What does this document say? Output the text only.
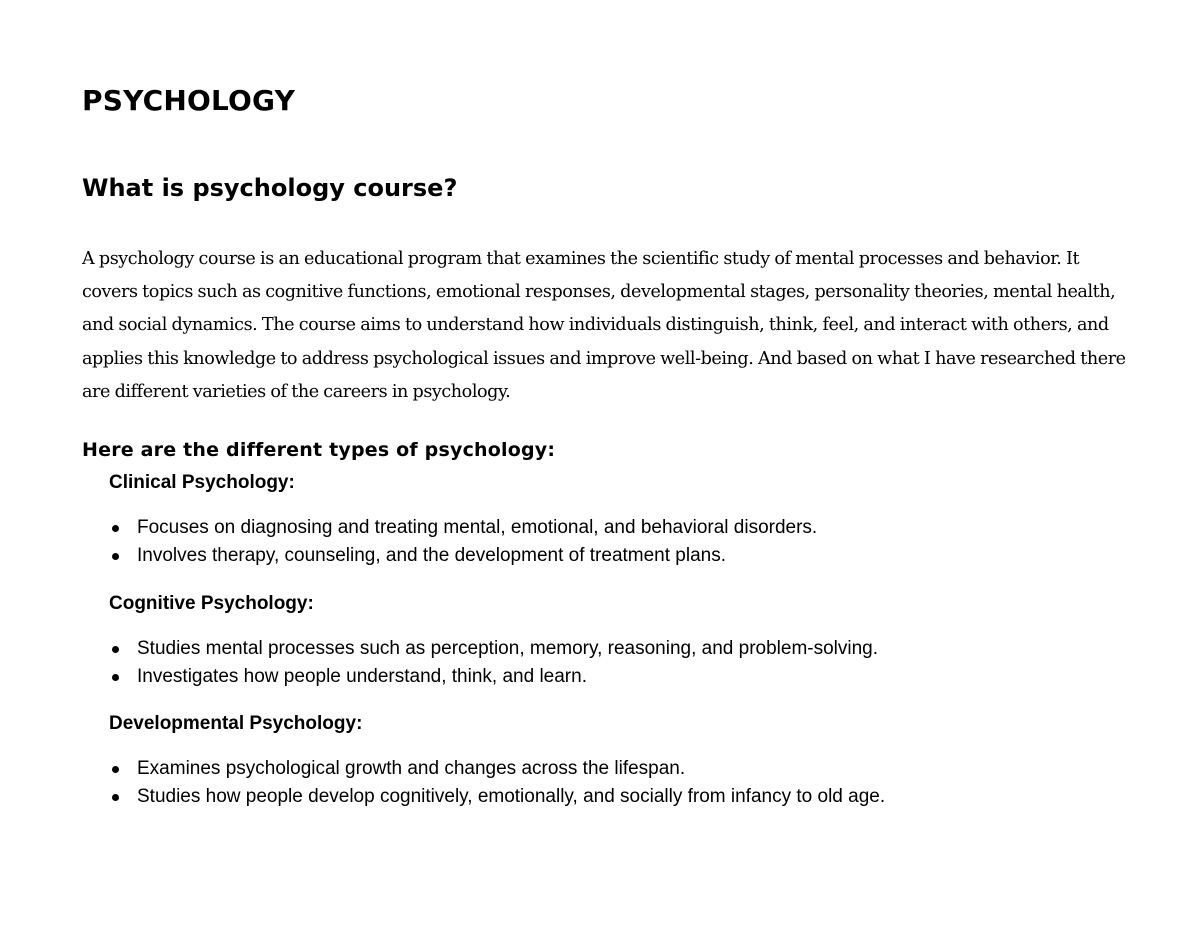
PSYCHOLOGY
What is psychology course?

A psychology course is an educational program that examines the scientific study of mental processes and behavior. It covers topics such as cognitive functions, emotional responses, developmental stages, personality theories, mental health, and social dynamics. The course aims to understand how individuals distinguish, think, feel, and interact with others, and applies this knowledge to address psychological issues and improve well-being. And based on what I have researched there are different varieties of the careers in psychology.

Here are the different types of psychology:
Clinical Psychology:
Focuses on diagnosing and treating mental, emotional, and behavioral disorders.
Involves therapy, counseling, and the development of treatment plans.
Cognitive Psychology:
Studies mental processes such as perception, memory, reasoning, and problem-solving.
Investigates how people understand, think, and learn.
Developmental Psychology:
Examines psychological growth and changes across the lifespan.
Studies how people develop cognitively, emotionally, and socially from infancy to old age.
